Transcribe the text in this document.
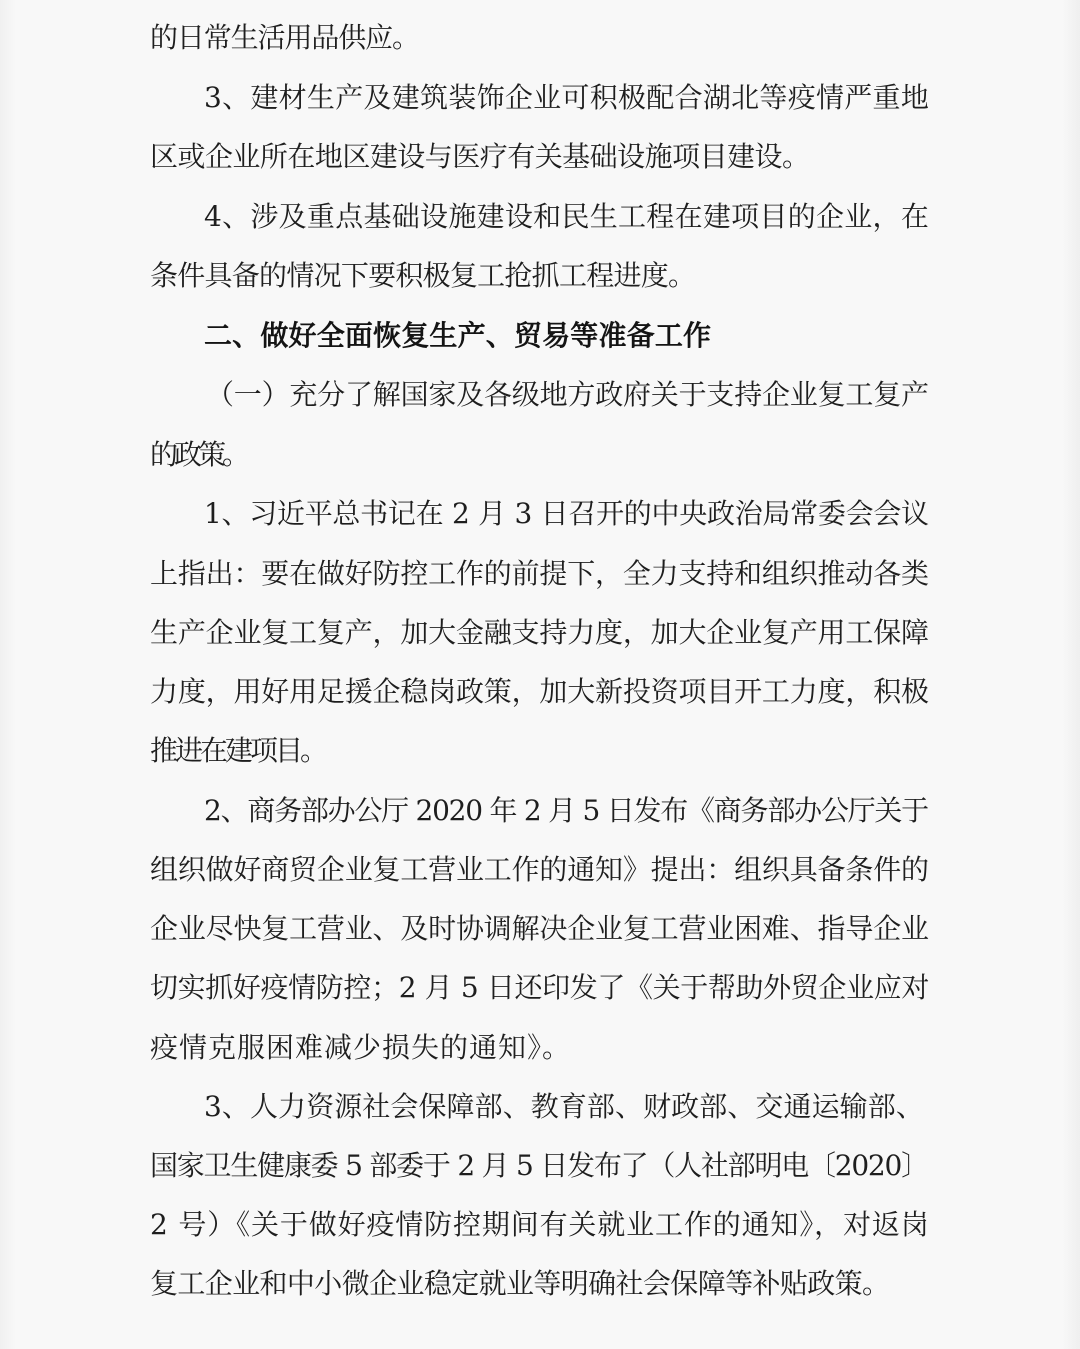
的日常生活用品供应。
3、建材生产及建筑装饰企业可积极配合湖北等疫情严重地
区或企业所在地区建设与医疗有关基础设施项目建设。
4、涉及重点基础设施建设和民生工程在建项目的企业，在
条件具备的情况下要积极复工抢抓工程进度。
二、做好全面恢复生产、贸易等准备工作
（一）充分了解国家及各级地方政府关于支持企业复工复产
的政策。
1、习近平总书记在 2 月 3 日召开的中央政治局常委会会议
上指出：要在做好防控工作的前提下，全力支持和组织推动各类
生产企业复工复产，加大金融支持力度，加大企业复产用工保障
力度，用好用足援企稳岗政策，加大新投资项目开工力度，积极
推进在建项目。
2、商务部办公厅 2020 年 2 月 5 日发布《商务部办公厅关于
组织做好商贸企业复工营业工作的通知》提出：组织具备条件的
企业尽快复工营业、及时协调解决企业复工营业困难、指导企业
切实抓好疫情防控；2 月 5 日还印发了《关于帮助外贸企业应对
疫情克服困难减少损失的通知》。
3、人力资源社会保障部、教育部、财政部、交通运输部、
国家卫生健康委 5 部委于 2 月 5 日发布了（人社部明电〔2020〕
2 号）《关于做好疫情防控期间有关就业工作的通知》，对返岗
复工企业和中小微企业稳定就业等明确社会保障等补贴政策。
